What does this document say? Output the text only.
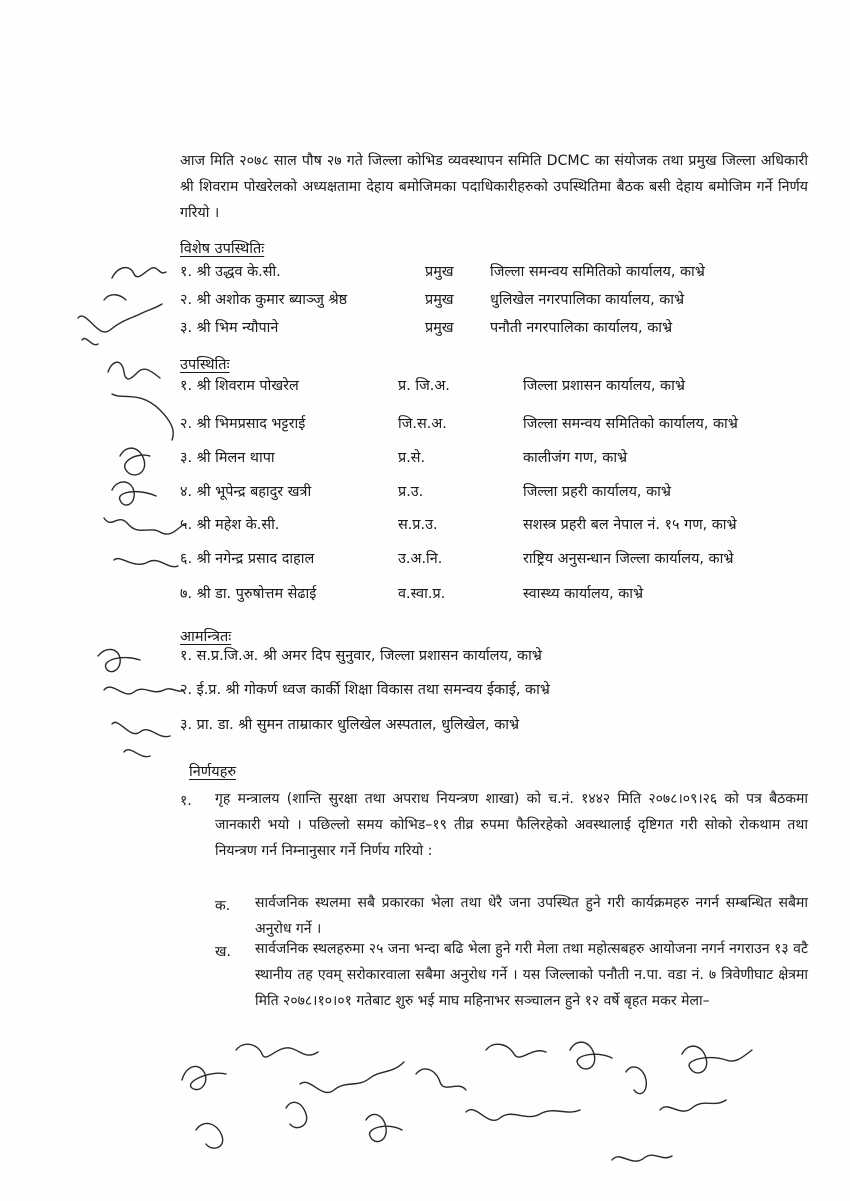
आज मिति २०७८ साल पौष २७ गते जिल्ला कोभिड व्यवस्थापन समिति DCMC का संयोजक तथा प्रमुख जिल्ला अधिकारी श्री शिवराम पोखरेलको अध्यक्षतामा देहाय बमोजिमका पदाधिकारीहरुको उपस्थितिमा बैठक बसी देहाय बमोजिम गर्ने निर्णय गरियो ।
विशेष उपस्थितिः
१. श्री उद्धव के.सी.	प्रमुख	जिल्ला समन्वय समितिको कार्यालय, काभ्रे
२. श्री अशोक कुमार ब्याञ्जु श्रेष्ठ	प्रमुख	धुलिखेल नगरपालिका कार्यालय, काभ्रे
३. श्री भिम न्यौपाने	प्रमुख	पनौती नगरपालिका कार्यालय, काभ्रे
उपस्थितिः
१. श्री शिवराम पोखरेल	प्र. जि.अ.	जिल्ला प्रशासन कार्यालय, काभ्रे
२. श्री भिमप्रसाद भट्टराई	जि.स.अ.	जिल्ला समन्वय समितिको कार्यालय, काभ्रे
३. श्री मिलन थापा	प्र.से.	कालीजंग गण, काभ्रे
४. श्री भूपेन्द्र बहादुर खत्री	प्र.उ.	जिल्ला प्रहरी कार्यालय, काभ्रे
५. श्री महेश के.सी.	स.प्र.उ.	सशस्त्र प्रहरी बल नेपाल नं. १५ गण, काभ्रे
६. श्री नगेन्द्र प्रसाद दाहाल	उ.अ.नि.	राष्ट्रिय अनुसन्धान जिल्ला कार्यालय, काभ्रे
७. श्री डा. पुरुषोत्तम सेढाई	व.स्वा.प्र.	स्वास्थ्य कार्यालय, काभ्रे
आमन्त्रितः
१. स.प्र.जि.अ. श्री अमर दिप सुनुवार, जिल्ला प्रशासन कार्यालय, काभ्रे
२. ई.प्र. श्री गोकर्ण ध्वज कार्की शिक्षा विकास तथा समन्वय ईकाई, काभ्रे
३. प्रा. डा. श्री सुमन ताम्राकार धुलिखेल अस्पताल, धुलिखेल, काभ्रे
निर्णयहरु
१. गृह मन्त्रालय (शान्ति सुरक्षा तथा अपराध नियन्त्रण शाखा) को च.नं. १४४२ मिति २०७८।०९।२६ को पत्र बैठकमा जानकारी भयो । पछिल्लो समय कोभिड–१९ तीव्र रुपमा फैलिरहेको अवस्थालाई दृष्टिगत गरी सोको रोकथाम तथा नियन्त्रण गर्न निम्नानुसार गर्ने निर्णय गरियो :
क. सार्वजनिक स्थलमा सबै प्रकारका भेला तथा धेरै जना उपस्थित हुने गरी कार्यक्रमहरु नगर्न सम्बन्धित सबैमा अनुरोध गर्ने ।
ख. सार्वजनिक स्थलहरुमा २५ जना भन्दा बढि भेला हुने गरी मेला तथा महोत्सबहरु आयोजना नगर्न नगराउन १३ वटै स्थानीय तह एवम् सरोकारवाला सबैमा अनुरोध गर्ने । यस जिल्लाको पनौती न.पा. वडा नं. ७ त्रिवेणीघाट क्षेत्रमा मिति २०७८।१०।०१ गतेबाट शुरु भई माघ महिनाभर सञ्चालन हुने १२ वर्षे बृहत मकर मेला–
